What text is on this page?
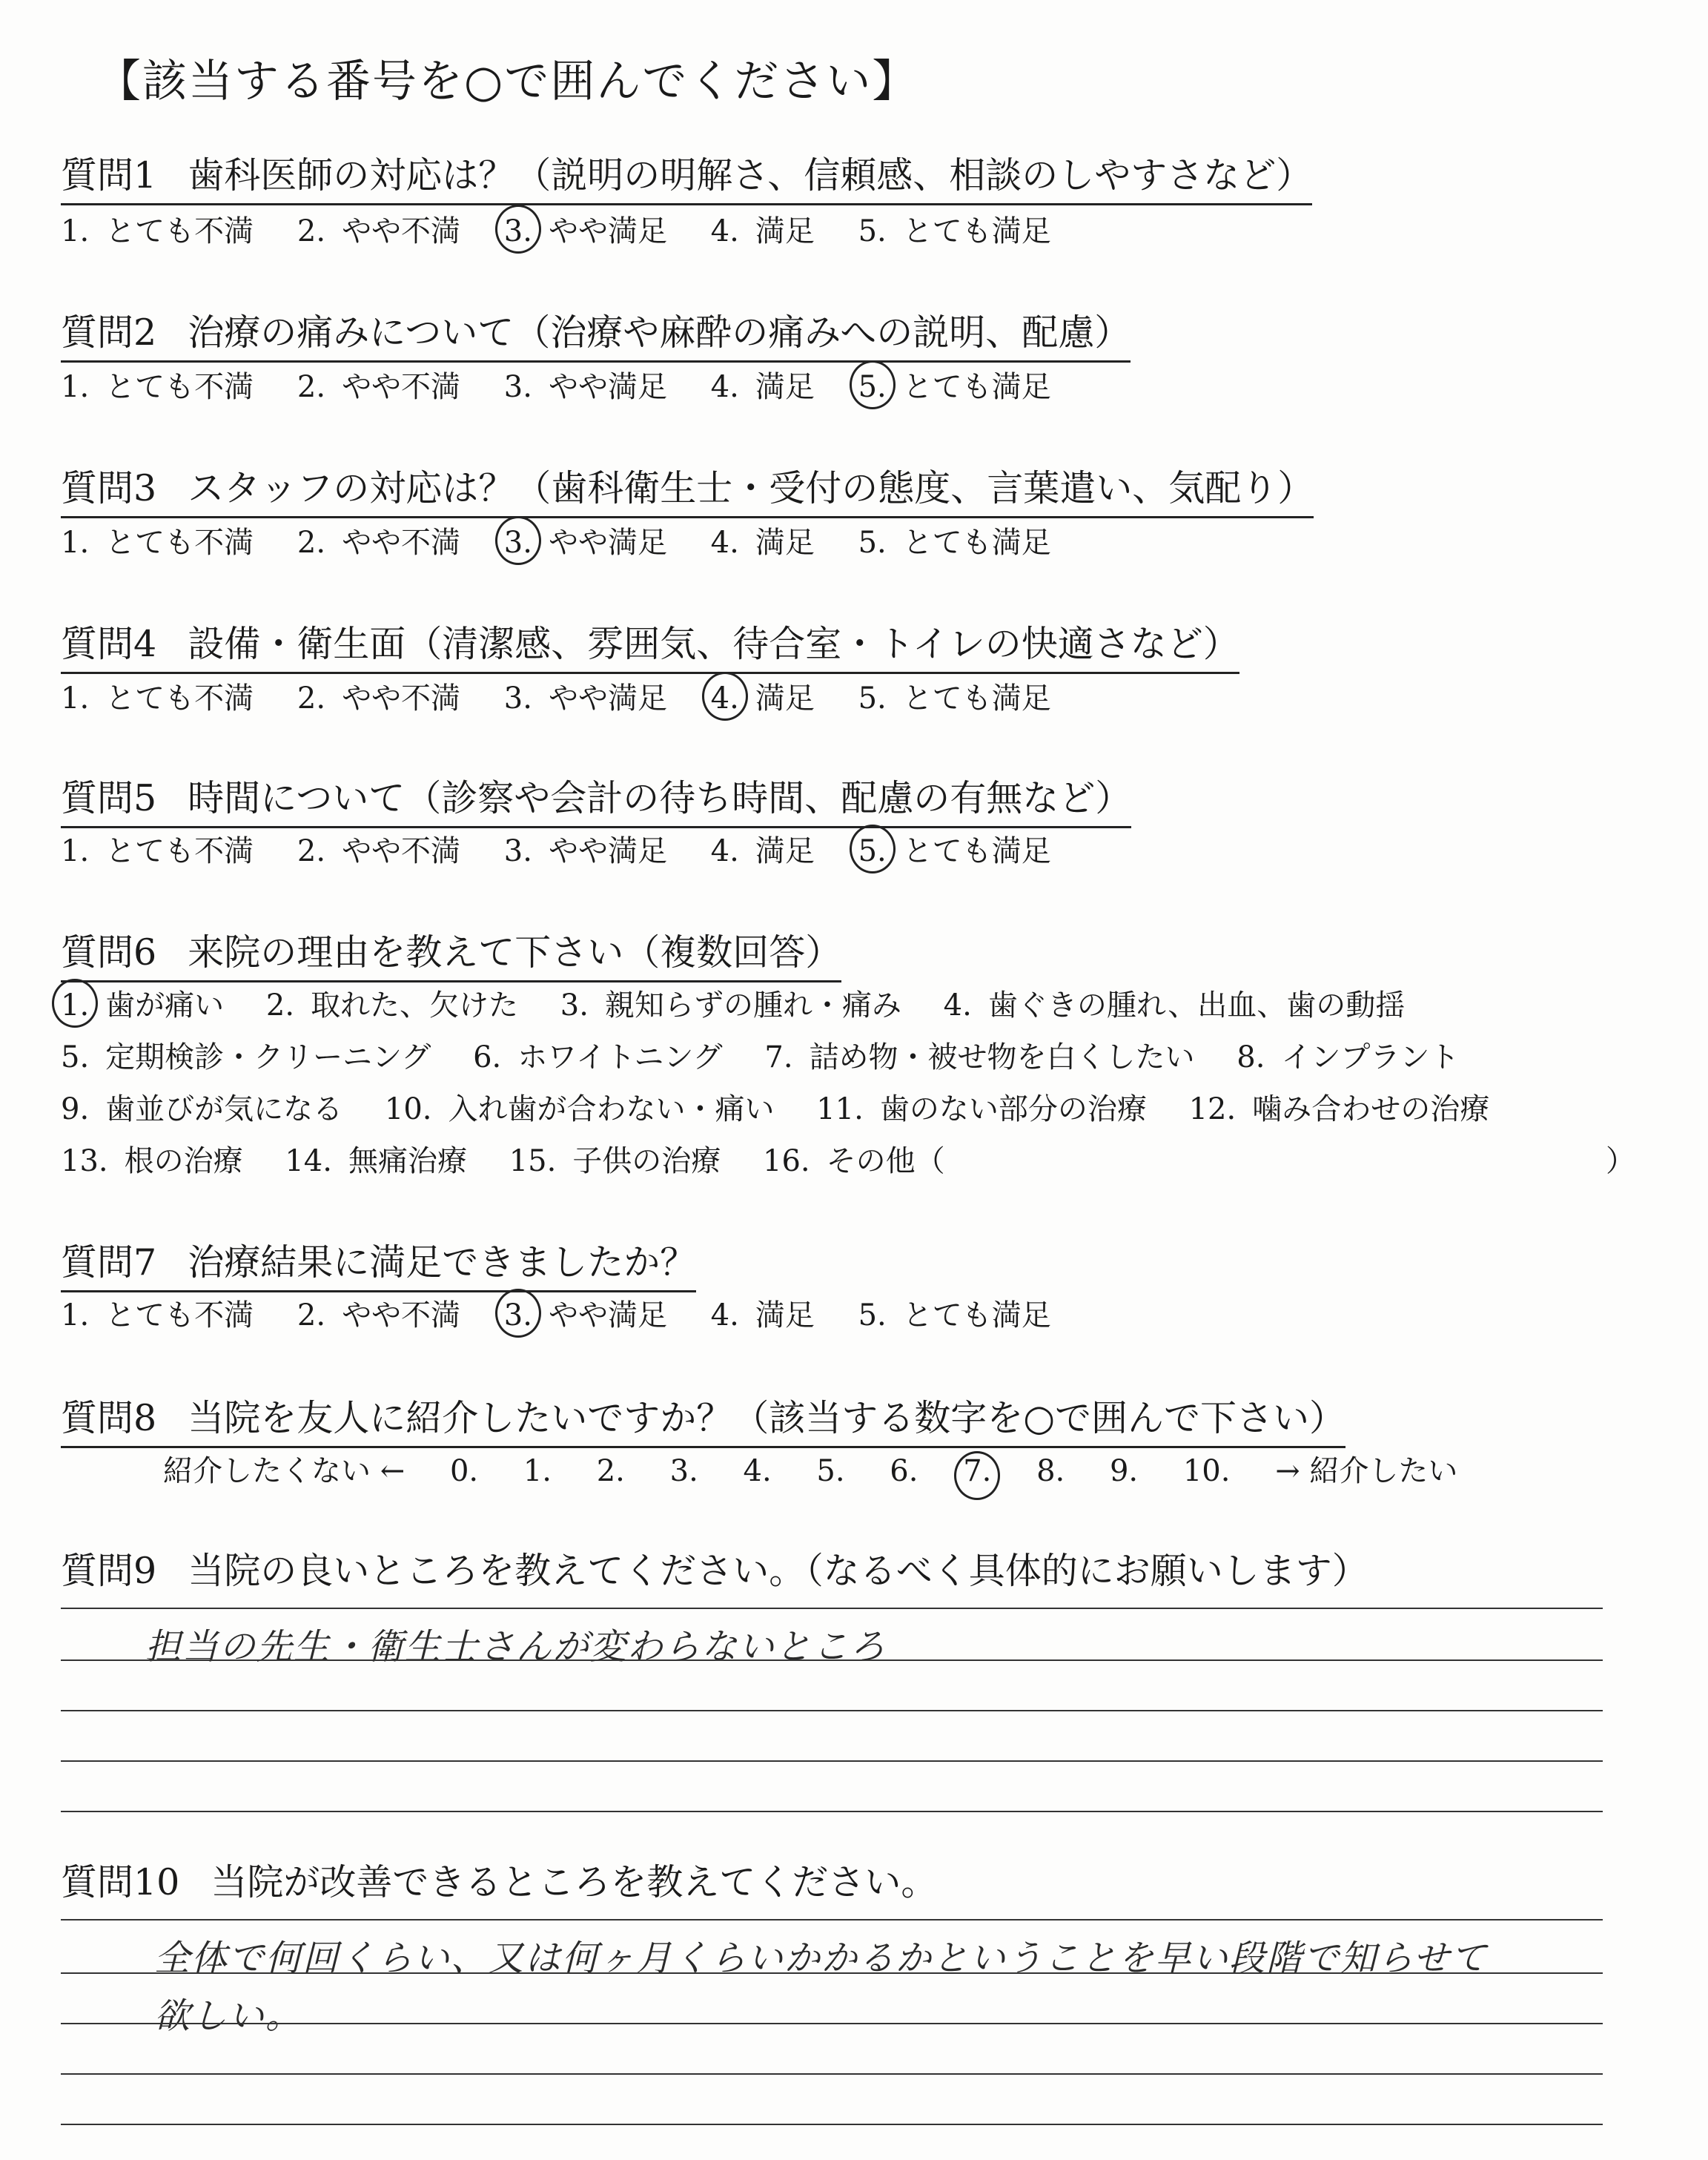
【該当する番号を○で囲んでください】
質問1 歯科医師の対応は？（説明の明解さ、信頼感、相談のしやすさなど）
1. とても不満 2. やや不満 3. やや満足 4. 満足 5. とても満足
質問2 治療の痛みについて（治療や麻酔の痛みへの説明、配慮）
1. とても不満 2. やや不満 3. やや満足 4. 満足 5. とても満足
質問3 スタッフの対応は？（歯科衛生士・受付の態度、言葉遣い、気配り）
1. とても不満 2. やや不満 3. やや満足 4. 満足 5. とても満足
質問4 設備・衛生面（清潔感、雰囲気、待合室・トイレの快適さなど）
1. とても不満 2. やや不満 3. やや満足 4. 満足 5. とても満足
質問5 時間について（診察や会計の待ち時間、配慮の有無など）
1. とても不満 2. やや不満 3. やや満足 4. 満足 5. とても満足
質問6 来院の理由を教えて下さい（複数回答）
1. 歯が痛い 2. 取れた、欠けた 3. 親知らずの腫れ・痛み 4. 歯ぐきの腫れ、出血、歯の動揺
5. 定期検診・クリーニング 6. ホワイトニング 7. 詰め物・被せ物を白くしたい 8. インプラント
9. 歯並びが気になる 10. 入れ歯が合わない・痛い 11. 歯のない部分の治療 12. 噛み合わせの治療
13. 根の治療 14. 無痛治療 15. 子供の治療 16. その他（	）
質問7 治療結果に満足できましたか？
1. とても不満 2. やや不満 3. やや満足 4. 満足 5. とても満足
質問8 当院を友人に紹介したいですか？（該当する数字を○で囲んで下さい）
紹介したくない ← 0. 1. 2. 3. 4. 5. 6. 7. 8. 9. 10. → 紹介したい
質問9 当院の良いところを教えてください。（なるべく具体的にお願いします）
担当の先生・衛生士さんが変わらないところ
質問10 当院が改善できるところを教えてください。
全体で何回くらい、又は何ヶ月くらいかかるかということを早い段階で知らせて
欲しい。
